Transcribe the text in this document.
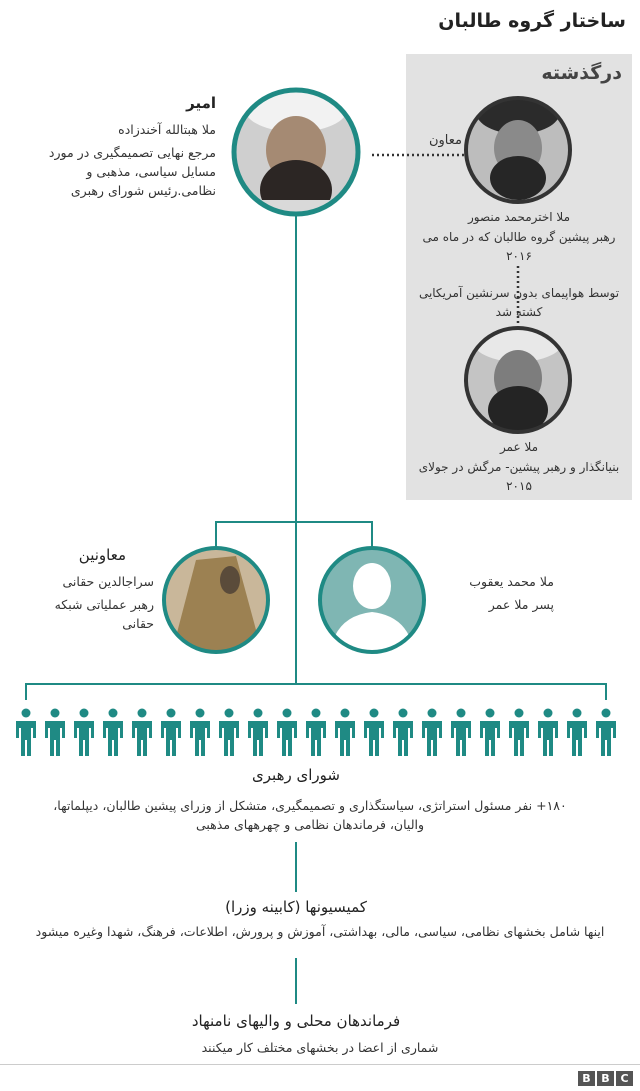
ساختار گروه طالبان
درگذشته
امیر
ملا هبتالله آخندزاده
مرجع نهایی تصمیمگیری در مورد مسایل سیاسی، مذهبی و نظامی.رئیس شورای رهبری
معاون
ملا اخترمحمد منصور
رهبر پیشین گروه طالبان که در ماه می ۲۰۱۶
توسط هواپیمای بدون سرنشین آمریکایی کشته شد
ملا عمر
بنیانگذار و رهبر پیشین- مرگش در جولای ۲۰۱۵
معاونین
سراجالدین حقانی
رهبر عملیاتی شبکه حقانی
ملا محمد یعقوب
پسر ملا عمر
شورای رهبری
۱۸۰+ نفر مسئول استراتژی، سیاستگذاری و تصمیمگیری، متشکل از وزرای پیشین طالبان، دیپلماتها، والیان، فرماندهان نظامی و چهرههای مذهبی
کمیسیونها (کابینه وزرا)
اینها شامل بخشهای نظامی، سیاسی، مالی، بهداشتی، آموزش و پرورش، اطلاعات، فرهنگ، شهدا وغیره میشود
فرماندهان محلی و والیهای نامنهاد
شماری از اعضا در بخشهای مختلف کار میکنند
B B C
